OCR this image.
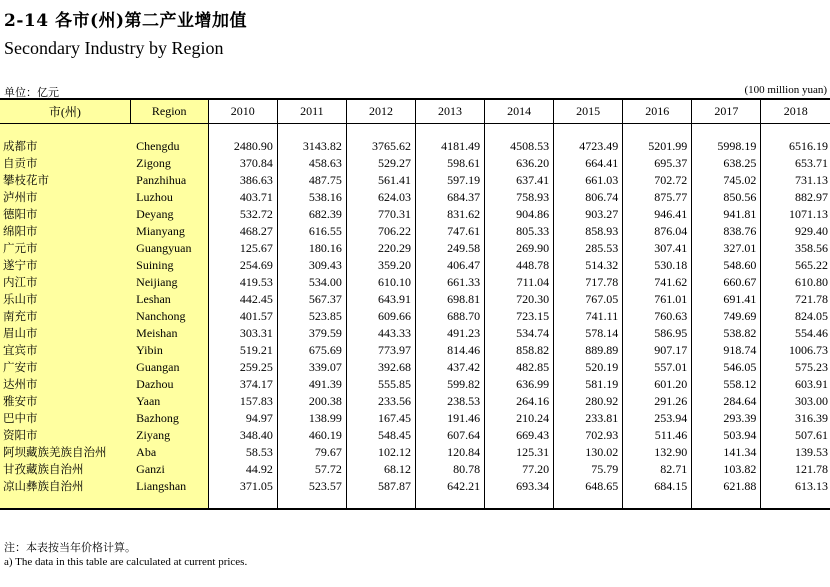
2-14 各市(州)第二产业增加值
Secondary Industry by Region
单位：亿元	(100 million yuan)
市(州)	Region	2010	2011	2012	2013	2014	2015	2016	2017	2018

成都市	Chengdu	2480.90	3143.82	3765.62	4181.49	4508.53	4723.49	5201.99	5998.19	6516.19
自贡市	Zigong	370.84	458.63	529.27	598.61	636.20	664.41	695.37	638.25	653.71
攀枝花市	Panzhihua	386.63	487.75	561.41	597.19	637.41	661.03	702.72	745.02	731.13
泸州市	Luzhou	403.71	538.16	624.03	684.37	758.93	806.74	875.77	850.56	882.97
德阳市	Deyang	532.72	682.39	770.31	831.62	904.86	903.27	946.41	941.81	1071.13
绵阳市	Mianyang	468.27	616.55	706.22	747.61	805.33	858.93	876.04	838.76	929.40
广元市	Guangyuan	125.67	180.16	220.29	249.58	269.90	285.53	307.41	327.01	358.56
遂宁市	Suining	254.69	309.43	359.20	406.47	448.78	514.32	530.18	548.60	565.22
内江市	Neijiang	419.53	534.00	610.10	661.33	711.04	717.78	741.62	660.67	610.80
乐山市	Leshan	442.45	567.37	643.91	698.81	720.30	767.05	761.01	691.41	721.78
南充市	Nanchong	401.57	523.85	609.66	688.70	723.15	741.11	760.63	749.69	824.05
眉山市	Meishan	303.31	379.59	443.33	491.23	534.74	578.14	586.95	538.82	554.46
宜宾市	Yibin	519.21	675.69	773.97	814.46	858.82	889.89	907.17	918.74	1006.73
广安市	Guangan	259.25	339.07	392.68	437.42	482.85	520.19	557.01	546.05	575.23
达州市	Dazhou	374.17	491.39	555.85	599.82	636.99	581.19	601.20	558.12	603.91
雅安市	Yaan	157.83	200.38	233.56	238.53	264.16	280.92	291.26	284.64	303.00
巴中市	Bazhong	94.97	138.99	167.45	191.46	210.24	233.81	253.94	293.39	316.39
资阳市	Ziyang	348.40	460.19	548.45	607.64	669.43	702.93	511.46	503.94	507.61
阿坝藏族羌族自治州	Aba	58.53	79.67	102.12	120.84	125.31	130.02	132.90	141.34	139.53
甘孜藏族自治州	Ganzi	44.92	57.72	68.12	80.78	77.20	75.79	82.71	103.82	121.78
凉山彝族自治州	Liangshan	371.05	523.57	587.87	642.21	693.34	648.65	684.15	621.88	613.13

注：本表按当年价格计算。
a) The data in this table are calculated at current prices.
